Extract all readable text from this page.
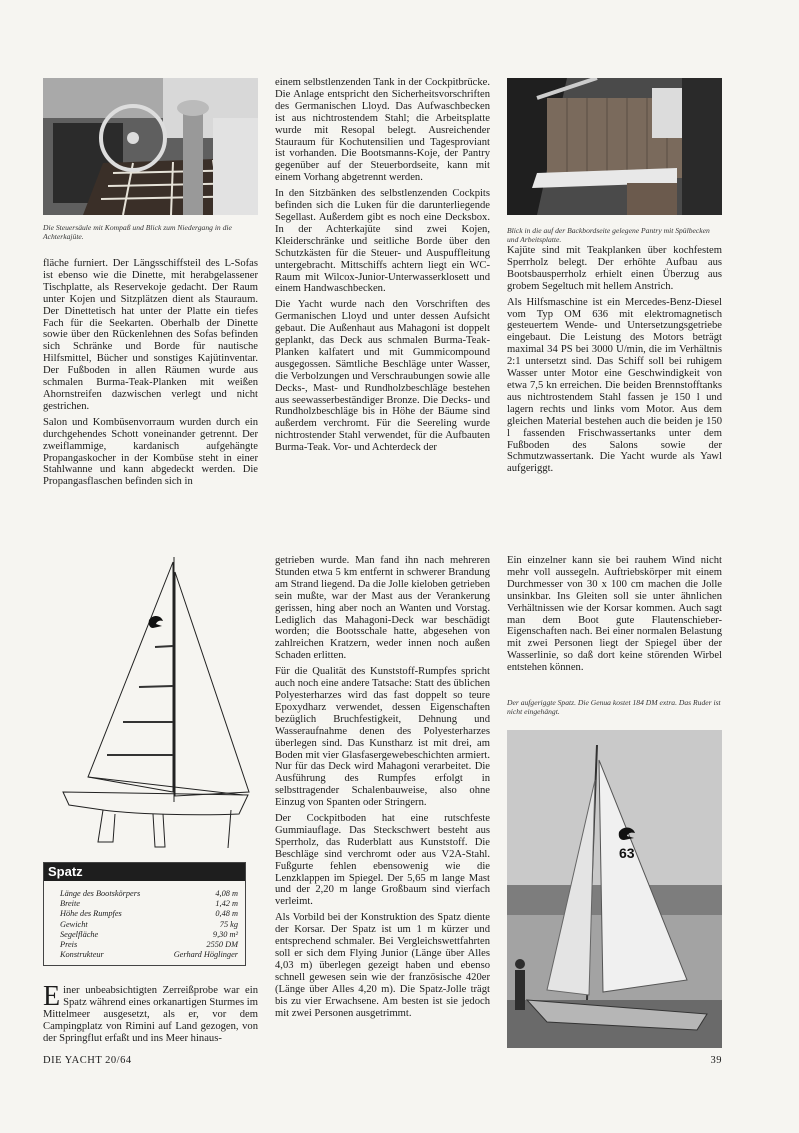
Die Steuersäule mit Kompaß und Blick zum Niedergang in die Achterkajüte.
Blick in die auf der Backbordseite gelegene Pantry mit Spülbecken und Arbeitsplatte.

fläche furniert. Der Längsschiffsteil des L-Sofas ist ebenso wie die Dinette, mit herabgelassener Tischplatte, als Reservekoje gedacht. Der Raum unter Kojen und Sitzplätzen dient als Stauraum. Der Dinettetisch hat unter der Platte ein tiefes Fach für die Seekarten. Oberhalb der Dinette sowie über den Rückenlehnen des Sofas befinden sich Schränke und Borde für nautische Hilfsmittel, Bücher und sonstiges Kajütinventar. Der Fußboden in allen Räumen wurde aus schmalen Burma-Teak-Planken mit weißen Ahornstreifen dazwischen verlegt und nicht gestrichen.

Salon und Kombüsenvorraum wurden durch ein durchgehendes Schott voneinander getrennt. Der zweiflammige, kardanisch aufgehängte Propangaskocher in der Kombüse steht in einer Stahlwanne und kann abgedeckt werden. Die Propangasflaschen befinden sich in

einem selbstlenzenden Tank in der Cockpitbrücke. Die Anlage entspricht den Sicherheitsvorschriften des Germanischen Lloyd. Das Aufwaschbecken ist aus nichtrostendem Stahl; die Arbeitsplatte wurde mit Resopal belegt. Ausreichender Stauraum für Kochutensilien und Tagesproviant ist vorhanden. Die Bootsmanns-Koje, der Pantry gegenüber auf der Steuerbordseite, kann mit einem Vorhang abgetrennt werden.

In den Sitzbänken des selbstlenzenden Cockpits befinden sich die Luken für die darunterliegende Segellast. Außerdem gibt es noch eine Decksbox. In der Achterkajüte sind zwei Kojen, Kleiderschränke und seitliche Borde über den Schutzkästen für die Steuer- und Auspuffleitung untergebracht. Mittschiffs achtern liegt ein WC-Raum mit Wilcox-Junior-Unterwasserklosett und einem Handwaschbecken.

Die Yacht wurde nach den Vorschriften des Germanischen Lloyd und unter dessen Aufsicht gebaut. Die Außenhaut aus Mahagoni ist doppelt geplankt, das Deck aus schmalen Burma-Teak-Planken kalfatert und mit Gummicompound ausgegossen. Sämtliche Beschläge unter Wasser, die Verbolzungen und Verschraubungen sowie alle Decks-, Mast- und Rundholzbeschläge bestehen aus seewasserbeständiger Bronze. Die Decks- und Rundholzbeschläge bis in Höhe der Bäume sind außerdem verchromt. Für die Seereling wurde nichtrostender Stahl verwendet, für die Aufbauten Burma-Teak. Vor- und Achterdeck der

Kajüte sind mit Teakplanken über kochfestem Sperrholz belegt. Der erhöhte Aufbau aus Bootsbausperrholz erhielt einen Überzug aus grobem Segeltuch mit hellem Anstrich.

Als Hilfsmaschine ist ein Mercedes-Benz-Diesel vom Typ OM 636 mit elektromagnetisch gesteuertem Wende- und Untersetzungsgetriebe eingebaut. Die Leistung des Motors beträgt maximal 34 PS bei 3000 U/min, die im Verhältnis 2:1 untersetzt sind. Das Schiff soll bei ruhigem Wasser unter Motor eine Geschwindigkeit von etwa 7,5 kn erreichen. Die beiden Brennstofftanks aus nichtrostendem Stahl fassen je 150 l und lagern rechts und links vom Motor. Aus dem gleichen Material bestehen auch die beiden je 150 l fassenden Frischwassertanks unter dem Fußboden des Salons sowie der Schmutzwassertank. Die Yacht wurde als Yawl aufgeriggt.

Spatz
Länge des Bootskörpers	4,08 m
Breite	1,42 m
Höhe des Rumpfes	0,48 m
Gewicht	75 kg
Segelfläche	9,30 m²
Preis	2550 DM
Konstrukteur	Gerhard Höglinger

Einer unbeabsichtigten Zerreißprobe war ein Spatz während eines orkanartigen Sturmes im Mittelmeer ausgesetzt, als er, vor dem Campingplatz von Rimini auf Land gezogen, von der Springflut erfaßt und ins Meer hinaus-

getrieben wurde. Man fand ihn nach mehreren Stunden etwa 5 km entfernt in schwerer Brandung am Strand liegend. Da die Jolle kieloben getrieben sein mußte, war der Mast aus der Verankerung gerissen, hing aber noch an Wanten und Vorstag. Lediglich das Mahagoni-Deck war beschädigt worden; die Bootsschale hatte, abgesehen von zahlreichen Kratzern, weder innen noch außen Schaden erlitten.

Für die Qualität des Kunststoff-Rumpfes spricht auch noch eine andere Tatsache: Statt des üblichen Polyesterharzes wird das fast doppelt so teure Epoxydharz verwendet, dessen Eigenschaften bezüglich Bruchfestigkeit, Dehnung und Wasseraufnahme denen des Polyesterharzes überlegen sind. Das Kunstharz ist mit drei, am Boden mit vier Glasfasergewebeschichten armiert. Nur für das Deck wird Mahagoni verarbeitet. Die Ausführung des Rumpfes erfolgt in selbsttragender Schalenbauweise, also ohne Einzug von Spanten oder Stringern.

Der Cockpitboden hat eine rutschfeste Gummiauflage. Das Steckschwert besteht aus Sperrholz, das Ruderblatt aus Kunststoff. Die Beschläge sind verchromt oder aus V2A-Stahl. Fußgurte fehlen ebensowenig wie die Lenzklappen im Spiegel. Der 5,65 m lange Mast und der 2,20 m lange Großbaum sind vierfach verleimt.

Als Vorbild bei der Konstruktion des Spatz diente der Korsar. Der Spatz ist um 1 m kürzer und entsprechend schmaler. Bei Vergleichswettfahrten soll er sich dem Flying Junior (Länge über Alles 4,03 m) überlegen gezeigt haben und ebenso schnell gewesen sein wie der französische 420er (Länge über Alles 4,20 m). Die Spatz-Jolle trägt bis zu vier Erwachsene. Am besten ist sie jedoch mit zwei Personen ausgetrimmt.

Ein einzelner kann sie bei rauhem Wind nicht mehr voll aussegeln. Auftriebskörper mit einem Durchmesser von 30 x 100 cm machen die Jolle unsinkbar. Ins Gleiten soll sie unter ähnlichen Verhältnissen wie der Korsar kommen. Auch sagt man dem Boot gute Flautenschieber-Eigenschaften nach. Bei einer normalen Belastung mit zwei Personen liegt der Spiegel über der Wasserlinie, so daß dort keine störenden Wirbel entstehen können.

Der aufgeriggte Spatz. Die Genua kostet 184 DM extra. Das Ruder ist nicht eingehängt.
63
DIE YACHT 20/64	39
